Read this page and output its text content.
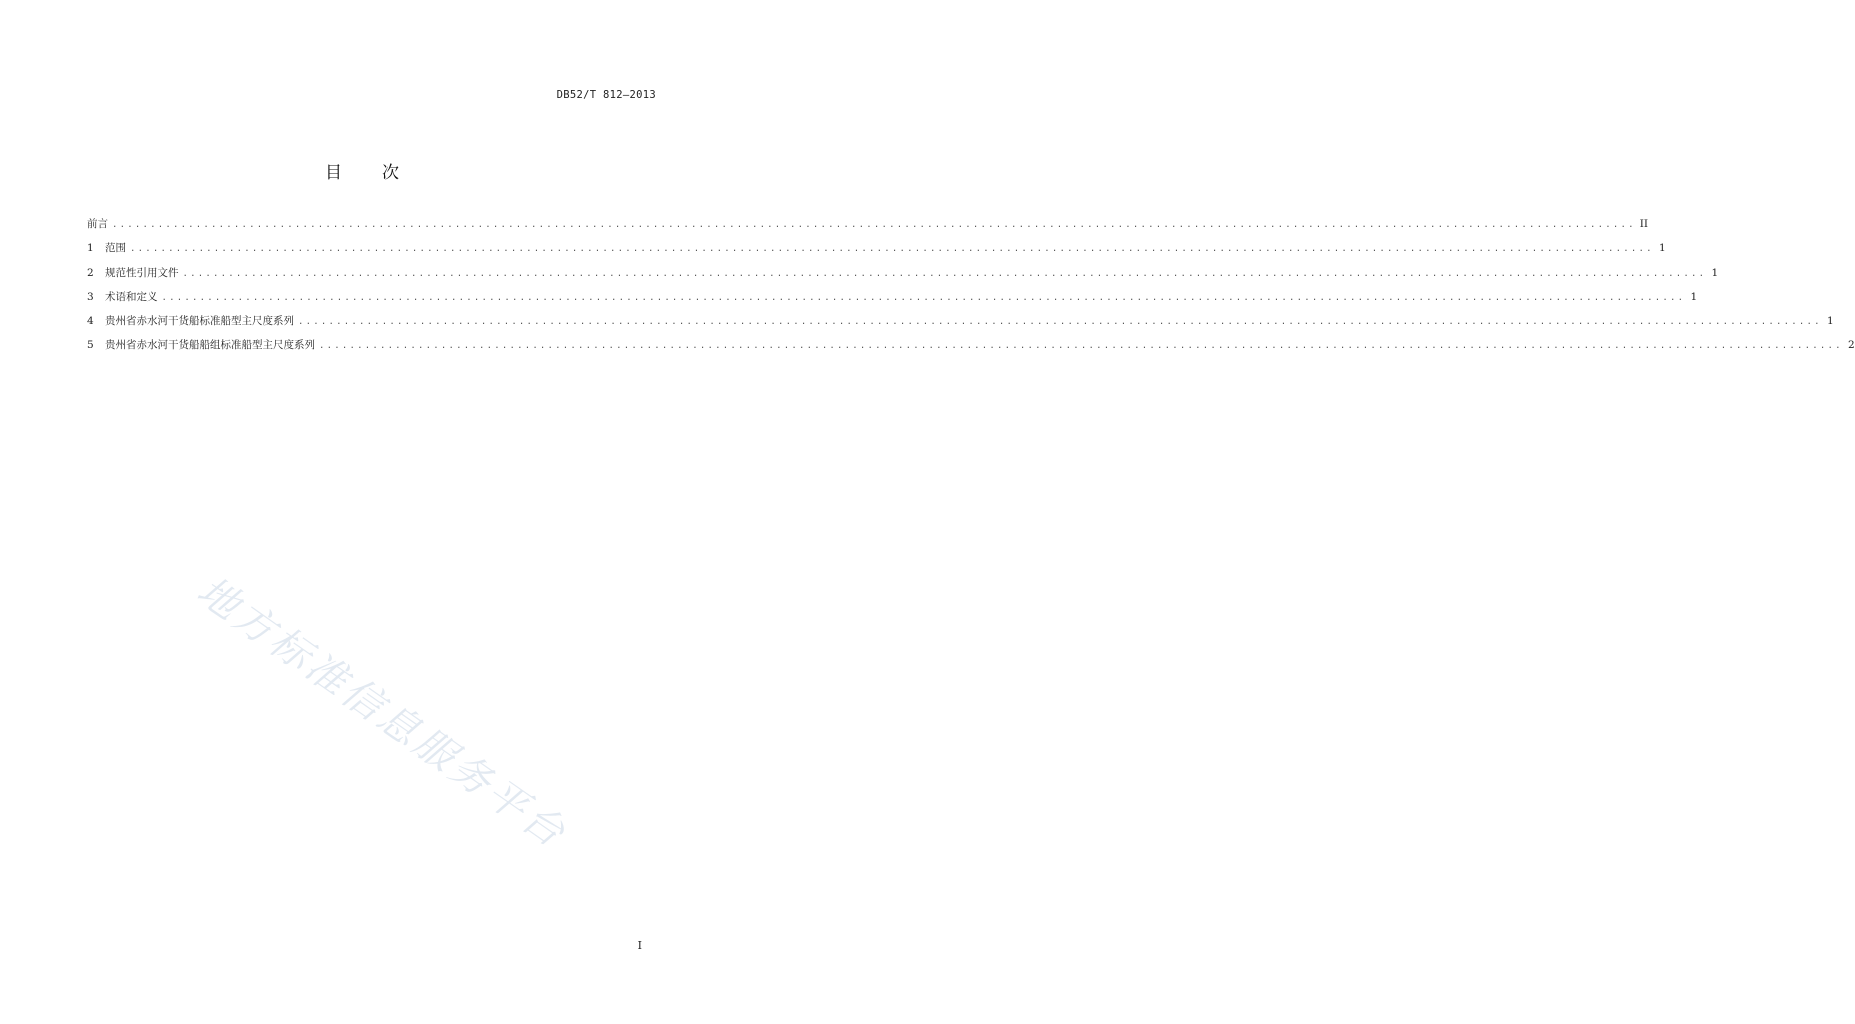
DB52/T 812—2013
目 次
前言 ........................................................................................................................................................................................................ II
1	范围 ........................................................................................................................................................................................................ 1
2	规范性引用文件 ........................................................................................................................................................................................................ 1
3	术语和定义 ........................................................................................................................................................................................................ 1
4	贵州省赤水河干货船标准船型主尺度系列 ........................................................................................................................................................................................................ 1
5	贵州省赤水河干货船船组标准船型主尺度系列 ........................................................................................................................................................................................................ 2
地方标准信息服务平台
I
